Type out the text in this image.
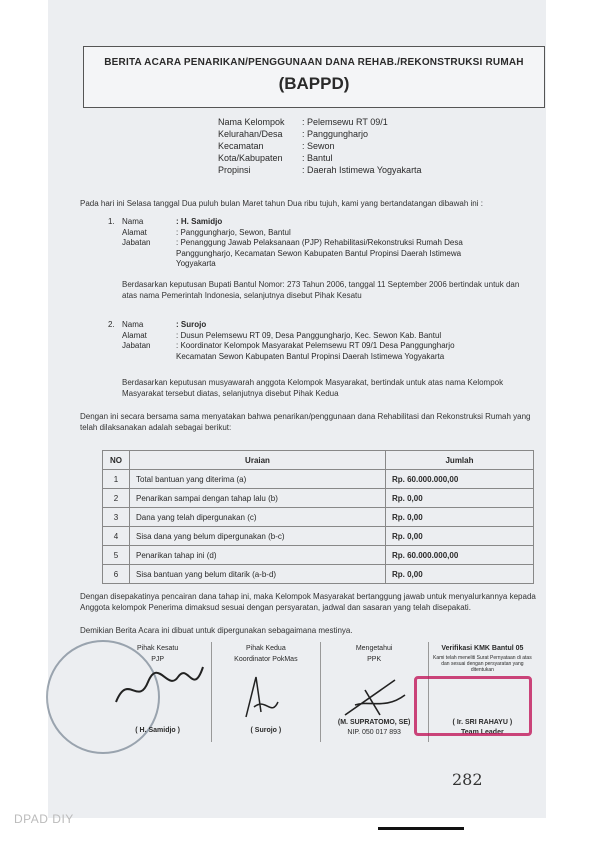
BERITA ACARA PENARIKAN/PENGGUNAAN DANA REHAB./REKONSTRUKSI RUMAH
(BAPPD)
Nama Kelompok	: Pelemsewu RT 09/1
Kelurahan/Desa	: Panggungharjo
Kecamatan	: Sewon
Kota/Kabupaten	: Bantul
Propinsi	: Daerah Istimewa Yogyakarta
Pada hari ini Selasa tanggal Dua puluh bulan Maret tahun Dua ribu tujuh, kami yang bertandatangan dibawah ini :
1. Nama	: H. Samidjo
Alamat	: Panggungharjo, Sewon, Bantul
Jabatan	: Penanggung Jawab Pelaksanaan (PJP) Rehabilitasi/Rekonstruksi Rumah Desa Panggungharjo, Kecamatan Sewon Kabupaten Bantul Propinsi Daerah Istimewa Yogyakarta
Berdasarkan keputusan Bupati Bantul Nomor: 273 Tahun 2006, tanggal 11 September 2006 bertindak untuk dan atas nama Pemerintah Indonesia, selanjutnya disebut Pihak Kesatu
2. Nama	: Surojo
Alamat	: Dusun Pelemsewu RT 09, Desa Panggungharjo, Kec. Sewon Kab. Bantul
Jabatan	: Koordinator Kelompok Masyarakat Pelemsewu RT 09/1 Desa Panggungharjo Kecamatan Sewon Kabupaten Bantul Propinsi Daerah Istimewa Yogyakarta
Berdasarkan keputusan musyawarah anggota Kelompok Masyarakat, bertindak untuk atas nama Kelompok Masyarakat tersebut diatas, selanjutnya disebut Pihak Kedua
Dengan ini secara bersama sama menyatakan bahwa penarikan/penggunaan dana Rehabilitasi dan Rekonstruksi Rumah yang telah dilaksanakan adalah sebagai berikut:
NO	Uraian	Jumlah
1	Total bantuan yang diterima (a)	Rp. 60.000.000,00
2	Penarikan sampai dengan tahap lalu (b)	Rp. 0,00
3	Dana yang telah dipergunakan (c)	Rp. 0,00
4	Sisa dana yang belum dipergunakan (b-c)	Rp. 0,00
5	Penarikan tahap ini (d)	Rp. 60.000.000,00
6	Sisa bantuan yang belum ditarik (a-b-d)	Rp. 0,00
Dengan disepakatinya pencairan dana tahap ini, maka Kelompok Masyarakat bertanggung jawab untuk menyalurkannya kepada Anggota kelompok Penerima dimaksud sesuai dengan persyaratan, jadwal dan sasaran yang telah disepakati.
Demikian Berita Acara ini dibuat untuk dipergunakan sebagaimana mestinya.
Pihak Kesatu
PJP
( H. Samidjo )
Pihak Kedua
Koordinator PokMas
( Surojo )
Mengetahui
PPK
(M. SUPRATOMO, SE)
NIP. 050 017 893
Verifikasi KMK Bantul 05
Kami telah meneliti Surat Pernyataan di atas dan sesuai dengan persyaratan yang ditentukan
( Ir. SRI RAHAYU )
Team Leader
282
DPAD DIY
